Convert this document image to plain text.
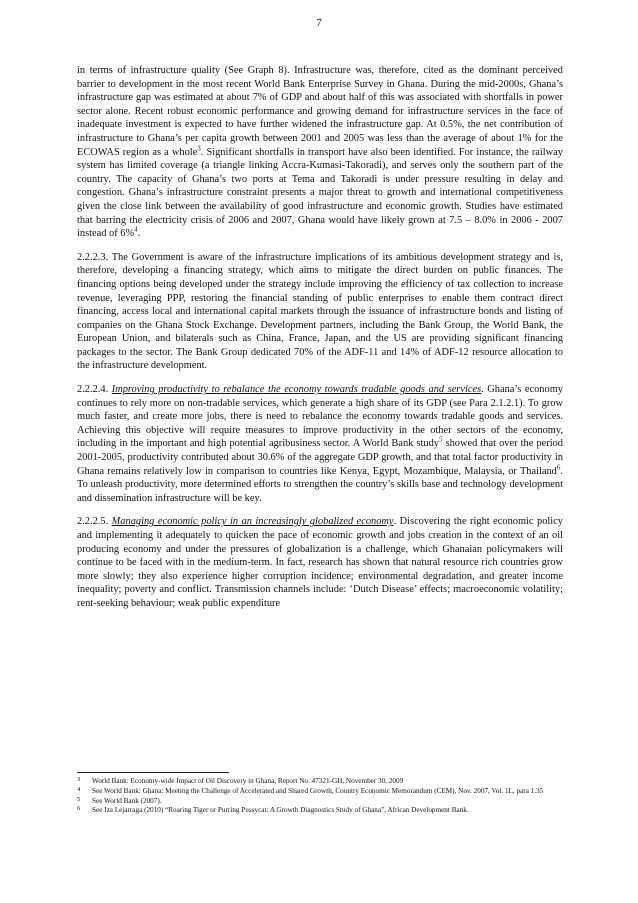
7

in terms of infrastructure quality (See Graph 8). Infrastructure was, therefore, cited as the dominant perceived barrier to development in the most recent World Bank Enterprise Survey in Ghana. During the mid-2000s, Ghana’s infrastructure gap was estimated at about 7% of GDP and about half of this was associated with shortfalls in power sector alone. Recent robust economic performance and growing demand for infrastructure services in the face of inadequate investment is expected to have further widened the infrastructure gap. At 0.5%, the net contribution of infrastructure to Ghana’s per capita growth between 2001 and 2005 was less than the average of about 1% for the ECOWAS region as a whole$^3$. Significant shortfalls in transport have also been identified. For instance, the railway system has limited coverage (a triangle linking Accra-Kumasi-Takoradi), and serves only the southern part of the country. The capacity of Ghana’s two ports at Tema and Takoradi is under pressure resulting in delay and congestion. Ghana’s infrastructure constraint presents a major threat to growth and international competitiveness given the close link between the availability of good infrastructure and economic growth. Studies have estimated that barring the electricity crisis of 2006 and 2007, Ghana would have likely grown at 7.5 – 8.0% in 2006 - 2007 instead of 6%$^4$.

2.2.2.3. The Government is aware of the infrastructure implications of its ambitious development strategy and is, therefore, developing a financing strategy, which aims to mitigate the direct burden on public finances. The financing options being developed under the strategy include improving the efficiency of tax collection to increase revenue, leveraging PPP, restoring the financial standing of public enterprises to enable them contract direct financing, access local and international capital markets through the issuance of infrastructure bonds and listing of companies on the Ghana Stock Exchange. Development partners, including the Bank Group, the World Bank, the European Union, and bilaterals such as China, France, Japan, and the US are providing significant financing packages to the sector. The Bank Group dedicated 70% of the ADF-11 and 14% of ADF-12 resource allocation to the infrastructure development.

2.2.2.4. Improving productivity to rebalance the economy towards tradable goods and services. Ghana’s economy continues to rely more on non-tradable services, which generate a high share of its GDP (see Para 2.1.2.1). To grow much faster, and create more jobs, there is need to rebalance the economy towards tradable goods and services. Achieving this objective will require measures to improve productivity in the other sectors of the economy, including in the important and high potential agribusiness sector. A World Bank study$^5$ showed that over the period 2001-2005, productivity contributed about 30.6% of the aggregate GDP growth, and that total factor productivity in Ghana remains relatively low in comparison to countries like Kenya, Egypt, Mozambique, Malaysia, or Thailand$^6$. To unleash productivity, more determined efforts to strengthen the country’s skills base and technology development and dissemination infrastructure will be key.

2.2.2.5. Managing economic policy in an increasingly globalized economy. Discovering the right economic policy and implementing it adequately to quicken the pace of economic growth and jobs creation in the context of an oil producing economy and under the pressures of globalization is a challenge, which Ghanaian policymakers will continue to be faced with in the medium-term. In fact, research has shown that natural resource rich countries grow more slowly; they also experience higher corruption incidence; environmental degradation, and greater income inequality; poverty and conflict. Transmission channels include: ‘Dutch Disease’ effects; macroeconomic volatility; rent-seeking behaviour; weak public expenditure

3	World Bank: Economy-wide Impact of Oil Discovery in Ghana, Report No. 47321-GH, November 30, 2009
4	See World Bank: Ghana: Meeting the Challenge of Accelerated and Shared Growth, Country Economic Memorandum (CEM), Nov. 2007, Vol. 1L, para 1.35
5	See World Bank (2007).
6	See Iza Lejarraga (2010) “Roaring Tiger or Purring Pussycat: A Growth Diagnostics Study of Ghana”, African Development Bank.
